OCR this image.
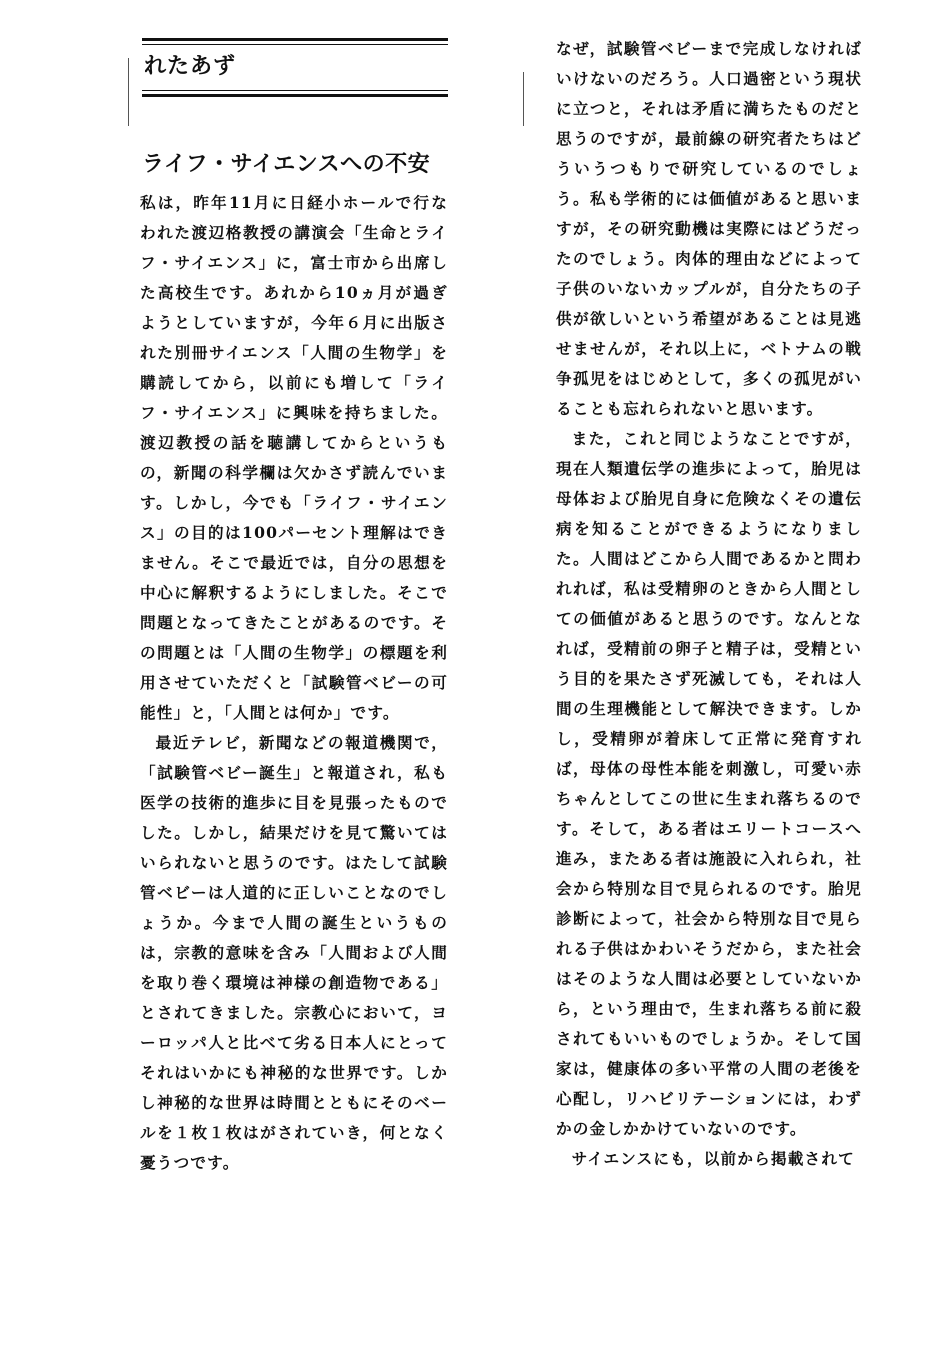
れたあず
ライフ・サイエンスへの不安

私は，昨年11月に日経小ホールで行なわれた渡辺格教授の講演会「生命とライフ・サイエンス」に，富士市から出席した高校生です。あれから10ヵ月が過ぎようとしていますが，今年６月に出版された別冊サイエンス「人間の生物学」を購読してから，以前にも増して「ライフ・サイエンス」に興味を持ちました。渡辺教授の話を聴講してからというもの，新聞の科学欄は欠かさず読んでいます。しかし，今でも「ライフ・サイエンス」の目的は100パーセント理解はできません。そこで最近では，自分の思想を中心に解釈するようにしました。そこで問題となってきたことがあるのです。その問題とは「人間の生物学」の標題を利用させていただくと「試験管ベビーの可能性」と，「人間とは何か」です。

最近テレビ，新聞などの報道機関で，「試験管ベビー誕生」と報道され，私も医学の技術的進歩に目を見張ったものでした。しかし，結果だけを見て驚いてはいられないと思うのです。はたして試験管ベビーは人道的に正しいことなのでしょうか。今まで人間の誕生というものは，宗教的意味を含み「人間および人間を取り巻く環境は神様の創造物である」とされてきました。宗教心において，ヨーロッパ人と比べて劣る日本人にとってそれはいかにも神秘的な世界です。しかし神秘的な世界は時間とともにそのベールを１枚１枚はがされていき，何となく憂うつです。

なぜ，試験管ベビーまで完成しなければいけないのだろう。人口過密という現状に立つと，それは矛盾に満ちたものだと思うのですが，最前線の研究者たちはどういうつもりで研究しているのでしょう。私も学術的には価値があると思いますが，その研究動機は実際にはどうだったのでしょう。肉体的理由などによって子供のいないカップルが，自分たちの子供が欲しいという希望があることは見逃せませんが，それ以上に，ベトナムの戦争孤児をはじめとして，多くの孤児がいることも忘れられないと思います。

また，これと同じようなことですが，現在人類遺伝学の進歩によって，胎児は母体および胎児自身に危険なくその遺伝病を知ることができるようになりました。人間はどこから人間であるかと問われれば，私は受精卵のときから人間としての価値があると思うのです。なんとなれば，受精前の卵子と精子は，受精という目的を果たさず死滅しても，それは人間の生理機能として解決できます。しかし，受精卵が着床して正常に発育すれば，母体の母性本能を刺激し，可愛い赤ちゃんとしてこの世に生まれ落ちるのです。そして，ある者はエリートコースへ進み，またある者は施設に入れられ，社会から特別な目で見られるのです。胎児診断によって，社会から特別な目で見られる子供はかわいそうだから，また社会はそのような人間は必要としていないから，という理由で，生まれ落ちる前に殺されてもいいものでしょうか。そして国家は，健康体の多い平常の人間の老後を心配し，リハビリテーションには，わずかの金しかかけていないのです。

サイエンスにも，以前から掲載されて
